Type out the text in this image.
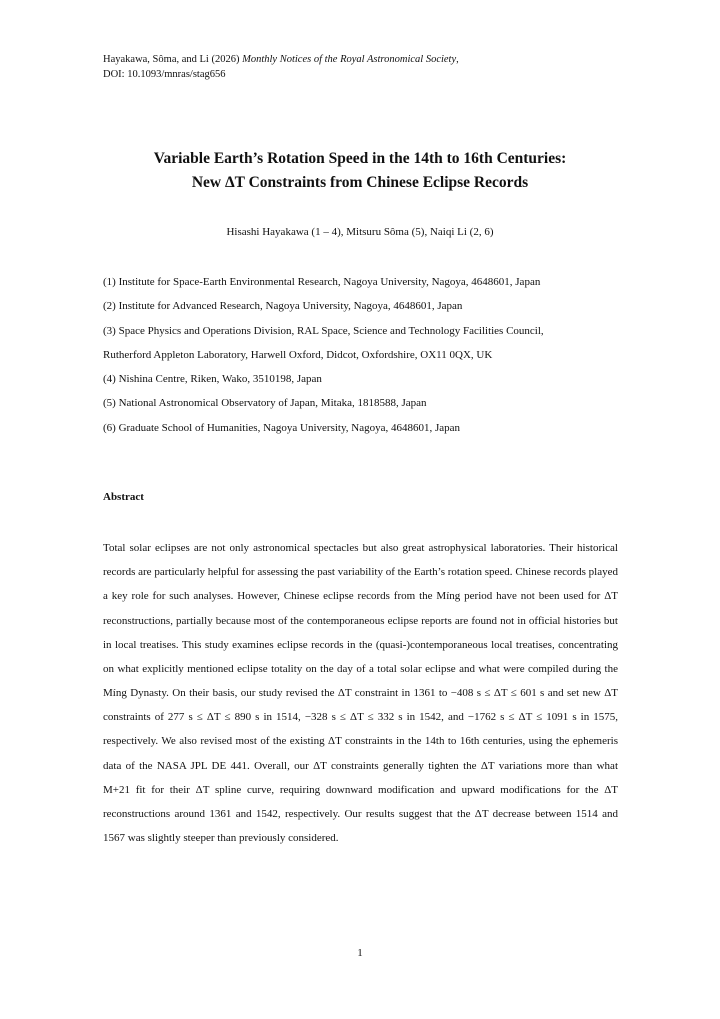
Hayakawa, Sôma, and Li (2026) Monthly Notices of the Royal Astronomical Society,
DOI: 10.1093/mnras/stag656
Variable Earth’s Rotation Speed in the 14th to 16th Centuries:
New ΔT Constraints from Chinese Eclipse Records
Hisashi Hayakawa (1 – 4), Mitsuru Sôma (5), Naiqi Li (2, 6)
(1) Institute for Space-Earth Environmental Research, Nagoya University, Nagoya, 4648601, Japan
(2) Institute for Advanced Research, Nagoya University, Nagoya, 4648601, Japan
(3) Space Physics and Operations Division, RAL Space, Science and Technology Facilities Council,
Rutherford Appleton Laboratory, Harwell Oxford, Didcot, Oxfordshire, OX11 0QX, UK
(4) Nishina Centre, Riken, Wako, 3510198, Japan
(5) National Astronomical Observatory of Japan, Mitaka, 1818588, Japan
(6) Graduate School of Humanities, Nagoya University, Nagoya, 4648601, Japan
Abstract
Total solar eclipses are not only astronomical spectacles but also great astrophysical laboratories. Their historical records are particularly helpful for assessing the past variability of the Earth’s rotation speed. Chinese records played a key role for such analyses. However, Chinese eclipse records from the Míng period have not been used for ΔT reconstructions, partially because most of the contemporaneous eclipse reports are found not in official histories but in local treatises. This study examines eclipse records in the (quasi-)contemporaneous local treatises, concentrating on what explicitly mentioned eclipse totality on the day of a total solar eclipse and what were compiled during the Míng Dynasty. On their basis, our study revised the ΔT constraint in 1361 to −408 s ≤ ΔT ≤ 601 s and set new ΔT constraints of 277 s ≤ ΔT ≤ 890 s in 1514, −328 s ≤ ΔT ≤ 332 s in 1542, and −1762 s ≤ ΔT ≤ 1091 s in 1575, respectively. We also revised most of the existing ΔT constraints in the 14th to 16th centuries, using the ephemeris data of the NASA JPL DE 441. Overall, our ΔT constraints generally tighten the ΔT variations more than what M+21 fit for their ΔT spline curve, requiring downward modification and upward modifications for the ΔT reconstructions around 1361 and 1542, respectively. Our results suggest that the ΔT decrease between 1514 and 1567 was slightly steeper than previously considered.
1
